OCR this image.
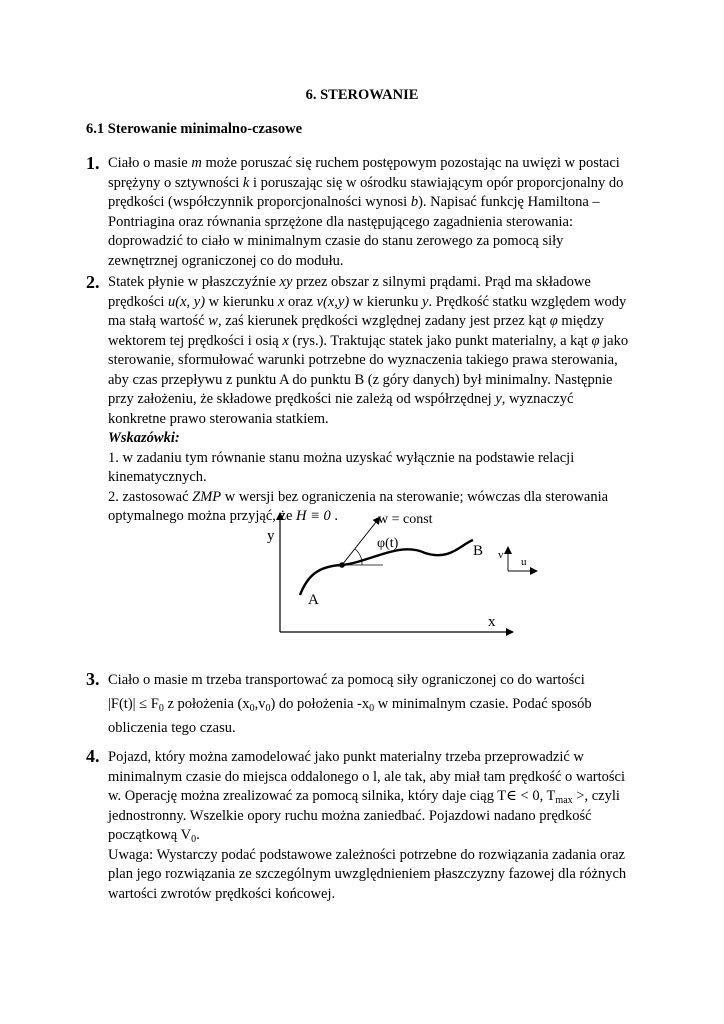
6. STEROWANIE
6.1 Sterowanie minimalno-czasowe
1. Ciało o masie m może poruszać się ruchem postępowym pozostając na uwięzi w postaci
sprężyny o sztywności k i poruszając się w ośrodku stawiającym opór proporcjonalny do
prędkości (współczynnik proporcjonalności wynosi b). Napisać funkcję Hamiltona –
Pontriagina oraz równania sprzężone dla następującego zagadnienia sterowania:
doprowadzić to ciało w minimalnym czasie do stanu zerowego za pomocą siły
zewnętrznej ograniczonej co do modułu.
2. Statek płynie w płaszczyźnie xy przez obszar z silnymi prądami. Prąd ma składowe
prędkości u(x, y) w kierunku x oraz v(x,y) w kierunku y. Prędkość statku względem wody
ma stałą wartość w, zaś kierunek prędkości względnej zadany jest przez kąt φ między
wektorem tej prędkości i osią x (rys.). Traktując statek jako punkt materialny, a kąt φ jako
sterowanie, sformułować warunki potrzebne do wyznaczenia takiego prawa sterowania,
aby czas przepływu z punktu A do punktu B (z góry danych) był minimalny. Następnie
przy założeniu, że składowe prędkości nie zależą od współrzędnej y, wyznaczyć
konkretne prawo sterowania statkiem.
Wskazówki:
1. w zadaniu tym równanie stanu można uzyskać wyłącznie na podstawie relacji
kinematycznych.
2. zastosować ZMP w wersji bez ograniczenia na sterowanie; wówczas dla sterowania
optymalnego można przyjąć, że H ≡ 0 .
y
x
w = const
φ(t)
A
B v
u
3. Ciało o masie m trzeba transportować za pomocą siły ograniczonej co do wartości
$|F(t)| \le F_0$ z położenia $(x_0,v_0)$ do położenia $-x_0$ w minimalnym czasie. Podać sposób
obliczenia tego czasu.
4. Pojazd, który można zamodelować jako punkt materialny trzeba przeprowadzić w
minimalnym czasie do miejsca oddalonego o l, ale tak, aby miał tam prędkość o wartości
w. Operację można zrealizować za pomocą silnika, który daje ciąg T∈ < 0, $T_{max}$ >, czyli
jednostronny. Wszelkie opory ruchu można zaniedbać. Pojazdowi nadano prędkość
początkową $V_0$.
Uwaga: Wystarczy podać podstawowe zależności potrzebne do rozwiązania zadania oraz
plan jego rozwiązania ze szczególnym uwzględnieniem płaszczyzny fazowej dla różnych
wartości zwrotów prędkości końcowej.
